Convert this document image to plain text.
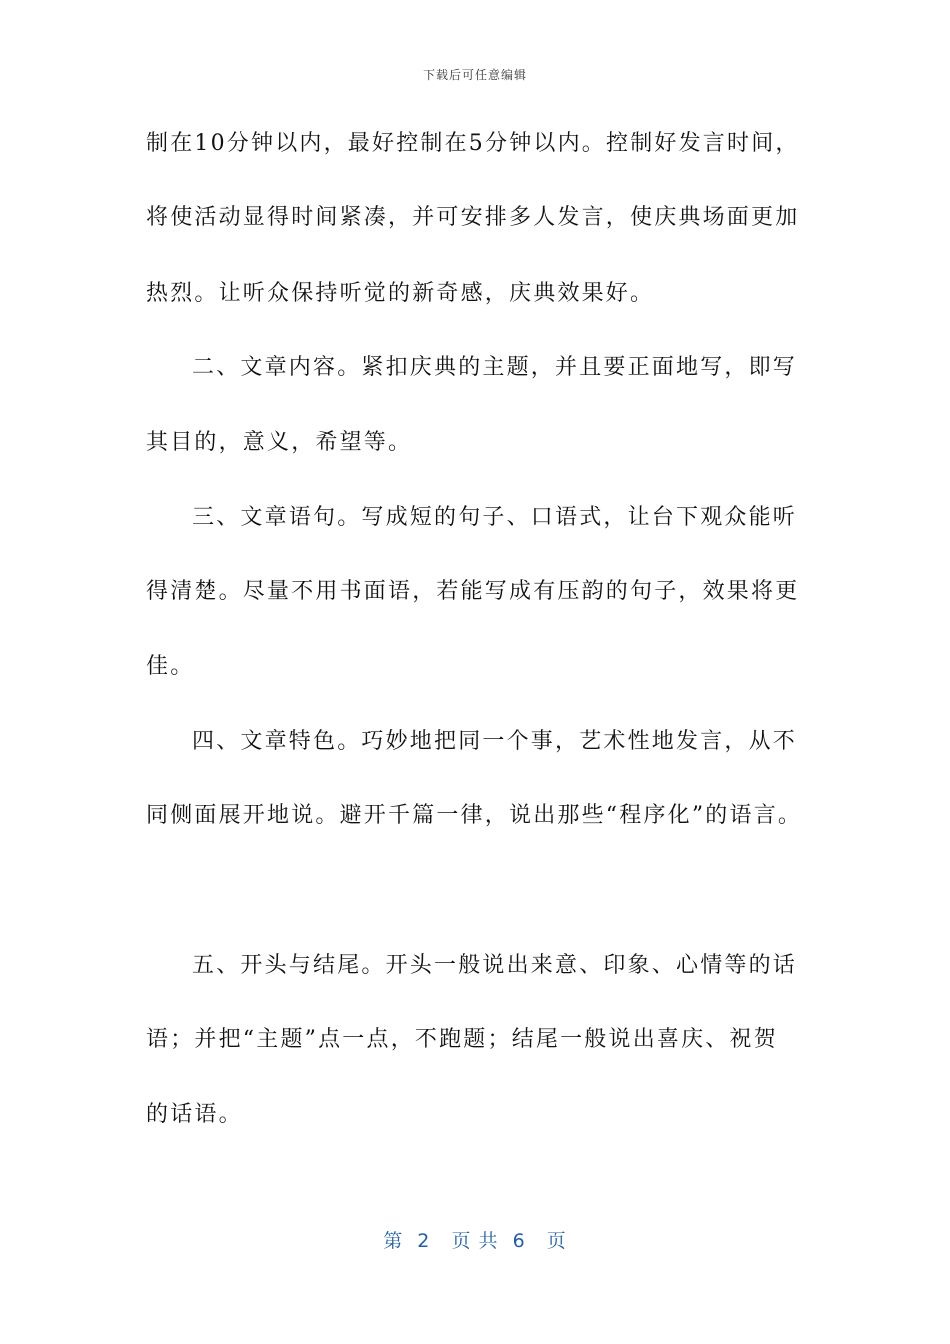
下载后可任意编辑
制在10分钟以内，最好控制在5分钟以内。控制好发言时间，
将使活动显得时间紧凑，并可安排多人发言，使庆典场面更加
热烈。让听众保持听觉的新奇感，庆典效果好。
二、文章内容。紧扣庆典的主题，并且要正面地写，即写
其目的，意义，希望等。
三、文章语句。写成短的句子、口语式，让台下观众能听
得清楚。尽量不用书面语，若能写成有压韵的句子，效果将更
佳。
四、文章特色。巧妙地把同一个事，艺术性地发言，从不
同侧面展开地说。避开千篇一律，说出那些“程序化”的语言。
五、开头与结尾。开头一般说出来意、印象、心情等的话
语；并把“主题”点一点，不跑题；结尾一般说出喜庆、祝贺
的话语。
第  2   页 共  6   页
